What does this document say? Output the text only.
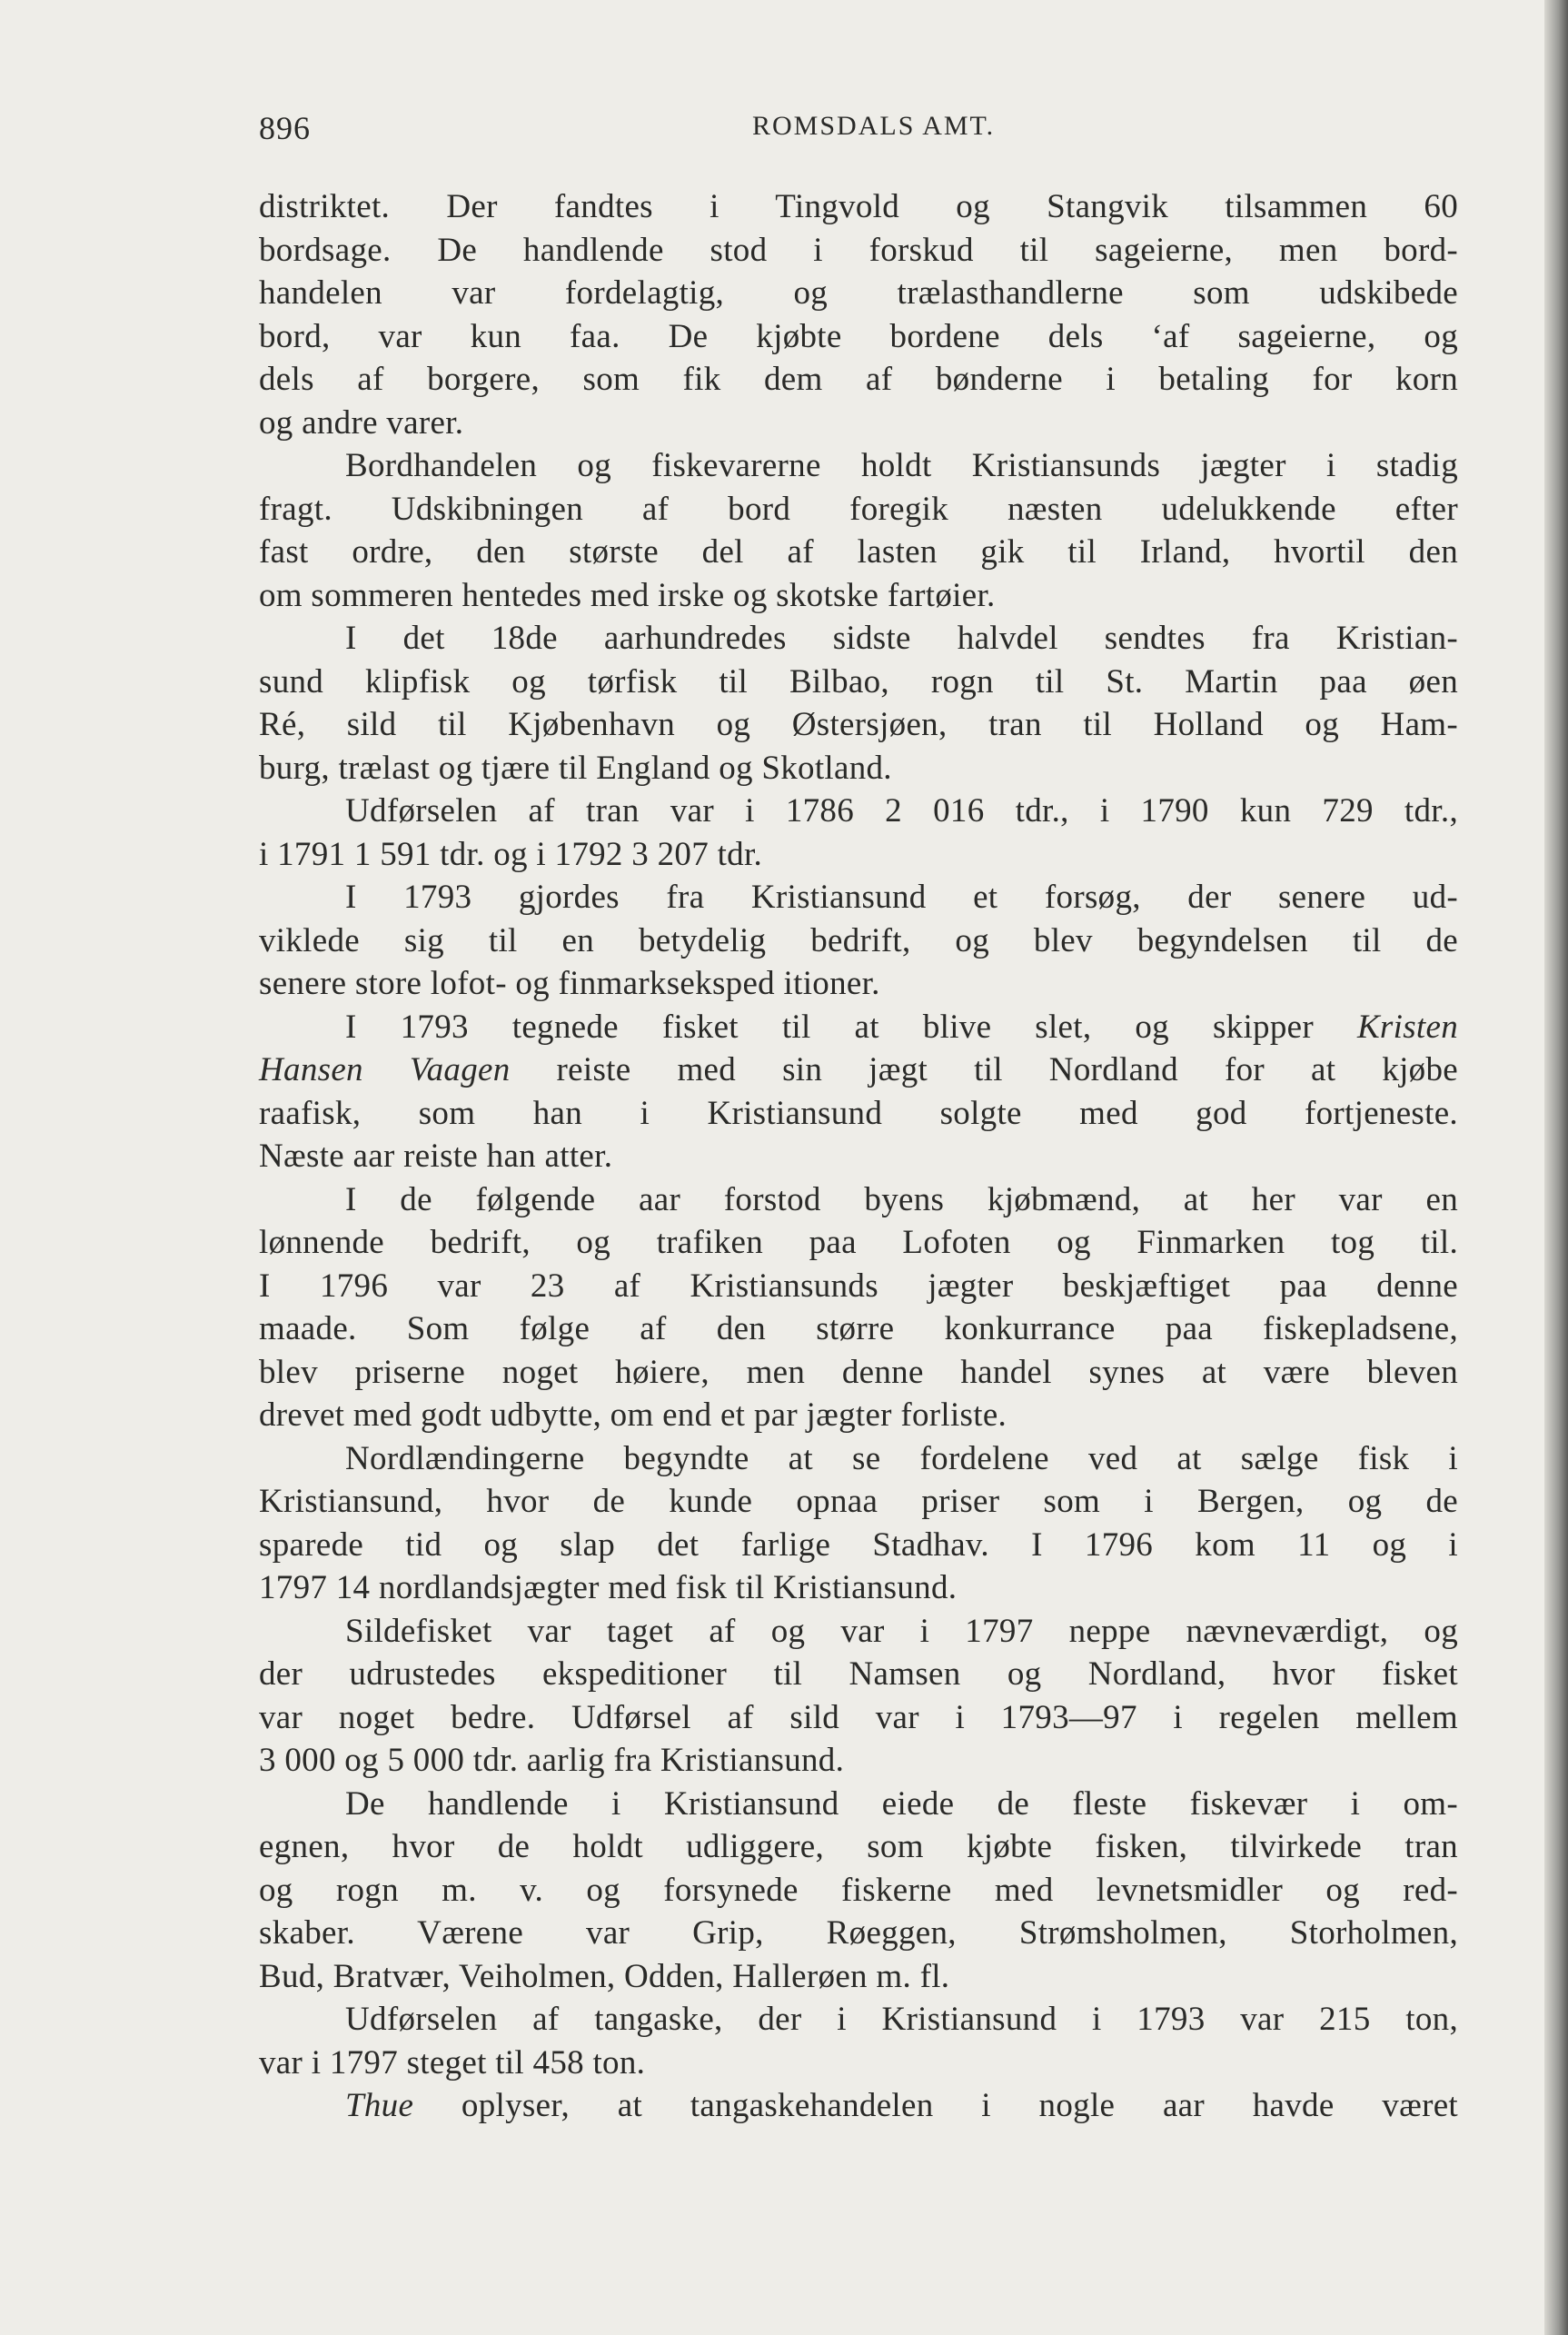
896	ROMSDALS AMT.
distriktet. Der fandtes i Tingvold og Stangvik tilsammen 60
bordsage. De handlende stod i forskud til sageierne, men bord-
handelen var fordelagtig, og trælasthandlerne som udskibede
bord, var kun faa. De kjøbte bordene dels ‘af sageierne, og
dels af borgere, som fik dem af bønderne i betaling for korn
og andre varer.
Bordhandelen og fiskevarerne holdt Kristiansunds jægter i stadig
fragt. Udskibningen af bord foregik næsten udelukkende efter
fast ordre, den største del af lasten gik til Irland, hvortil den
om sommeren hentedes med irske og skotske fartøier.
I det 18de aarhundredes sidste halvdel sendtes fra Kristian-
sund klipfisk og tørfisk til Bilbao, rogn til St. Martin paa øen
Ré, sild til Kjøbenhavn og Østersjøen, tran til Holland og Ham-
burg, trælast og tjære til England og Skotland.
Udførselen af tran var i 1786 2 016 tdr., i 1790 kun 729 tdr.,
i 1791 1 591 tdr. og i 1792 3 207 tdr.
I 1793 gjordes fra Kristiansund et forsøg, der senere ud-
viklede sig til en betydelig bedrift, og blev begyndelsen til de
senere store lofot- og finmarkseksped itioner.
I 1793 tegnede fisket til at blive slet, og skipper Kristen
Hansen Vaagen reiste med sin jægt til Nordland for at kjøbe
raafisk, som han i Kristiansund solgte med god fortjeneste.
Næste aar reiste han atter.
I de følgende aar forstod byens kjøbmænd, at her var en
lønnende bedrift, og trafiken paa Lofoten og Finmarken tog til.
I 1796 var 23 af Kristiansunds jægter beskjæftiget paa denne
maade. Som følge af den større konkurrance paa fiskepladsene,
blev priserne noget høiere, men denne handel synes at være bleven
drevet med godt udbytte, om end et par jægter forliste.
Nordlændingerne begyndte at se fordelene ved at sælge fisk i
Kristiansund, hvor de kunde opnaa priser som i Bergen, og de
sparede tid og slap det farlige Stadhav. I 1796 kom 11 og i
1797 14 nordlandsjægter med fisk til Kristiansund.
Sildefisket var taget af og var i 1797 neppe nævneværdigt, og
der udrustedes ekspeditioner til Namsen og Nordland, hvor fisket
var noget bedre. Udførsel af sild var i 1793—97 i regelen mellem
3 000 og 5 000 tdr. aarlig fra Kristiansund.
De handlende i Kristiansund eiede de fleste fiskevær i om-
egnen, hvor de holdt udliggere, som kjøbte fisken, tilvirkede tran
og rogn m. v. og forsynede fiskerne med levnetsmidler og red-
skaber. Værene var Grip, Røeggen, Strømsholmen, Storholmen,
Bud, Bratvær, Veiholmen, Odden, Hallerøen m. fl.
Udførselen af tangaske, der i Kristiansund i 1793 var 215 ton,
var i 1797 steget til 458 ton.
Thue oplyser, at tangaskehandelen i nogle aar havde været
